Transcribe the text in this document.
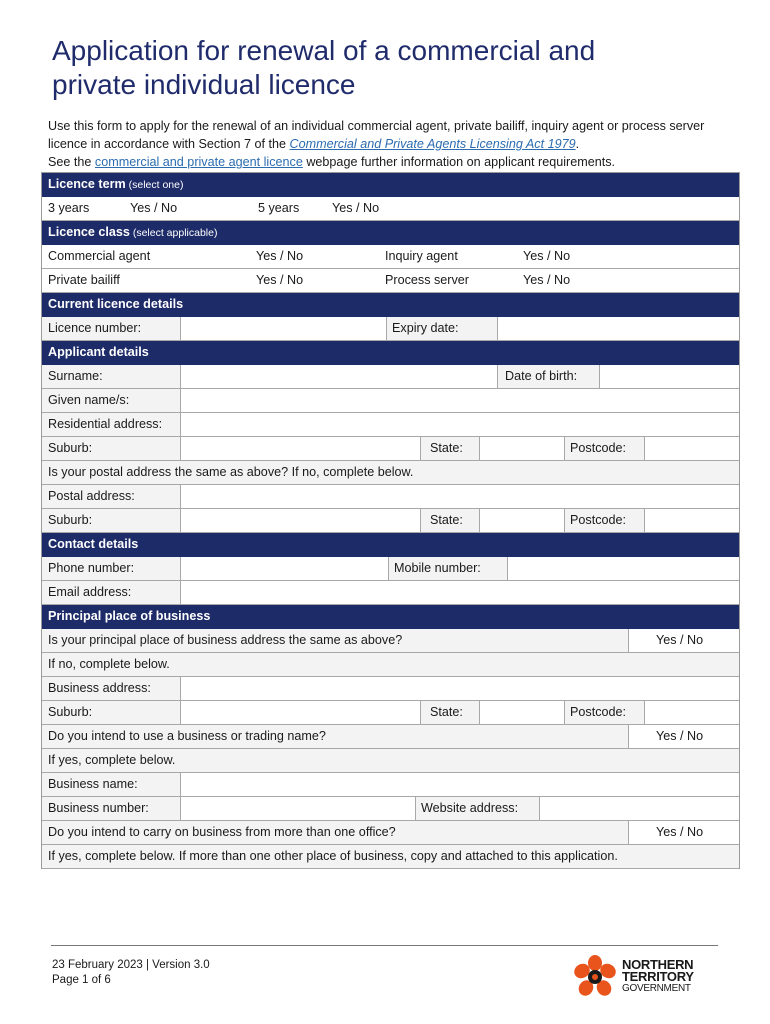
Application for renewal of a commercial and
private individual licence

Use this form to apply for the renewal of an individual commercial agent, private bailiff, inquiry agent or process server licence in accordance with Section 7 of the Commercial and Private Agents Licensing Act 1979.
See the commercial and private agent licence webpage further information on applicant requirements.

Licence term (select one)
3 years	Yes / No	5 years	Yes / No
Licence class (select applicable)
Commercial agent	Yes / No	Inquiry agent	Yes / No
Private bailiff	Yes / No	Process server	Yes / No
Current licence details
Licence number:	Expiry date:
Applicant details
Surname:	Date of birth:
Given name/s:
Residential address:
Suburb:	State:	Postcode:
Is your postal address the same as above? If no, complete below.
Postal address:
Suburb:	State:	Postcode:
Contact details
Phone number:	Mobile number:
Email address:
Principal place of business
Is your principal place of business address the same as above?	Yes / No
If no, complete below.
Business address:
Suburb:	State:	Postcode:
Do you intend to use a business or trading name?	Yes / No
If yes, complete below.
Business name:
Business number:	Website address:
Do you intend to carry on business from more than one office?	Yes / No
If yes, complete below. If more than one other place of business, copy and attached to this application.
23 February 2023 | Version 3.0
Page 1 of 6
NORTHERN
TERRITORY
GOVERNMENT
